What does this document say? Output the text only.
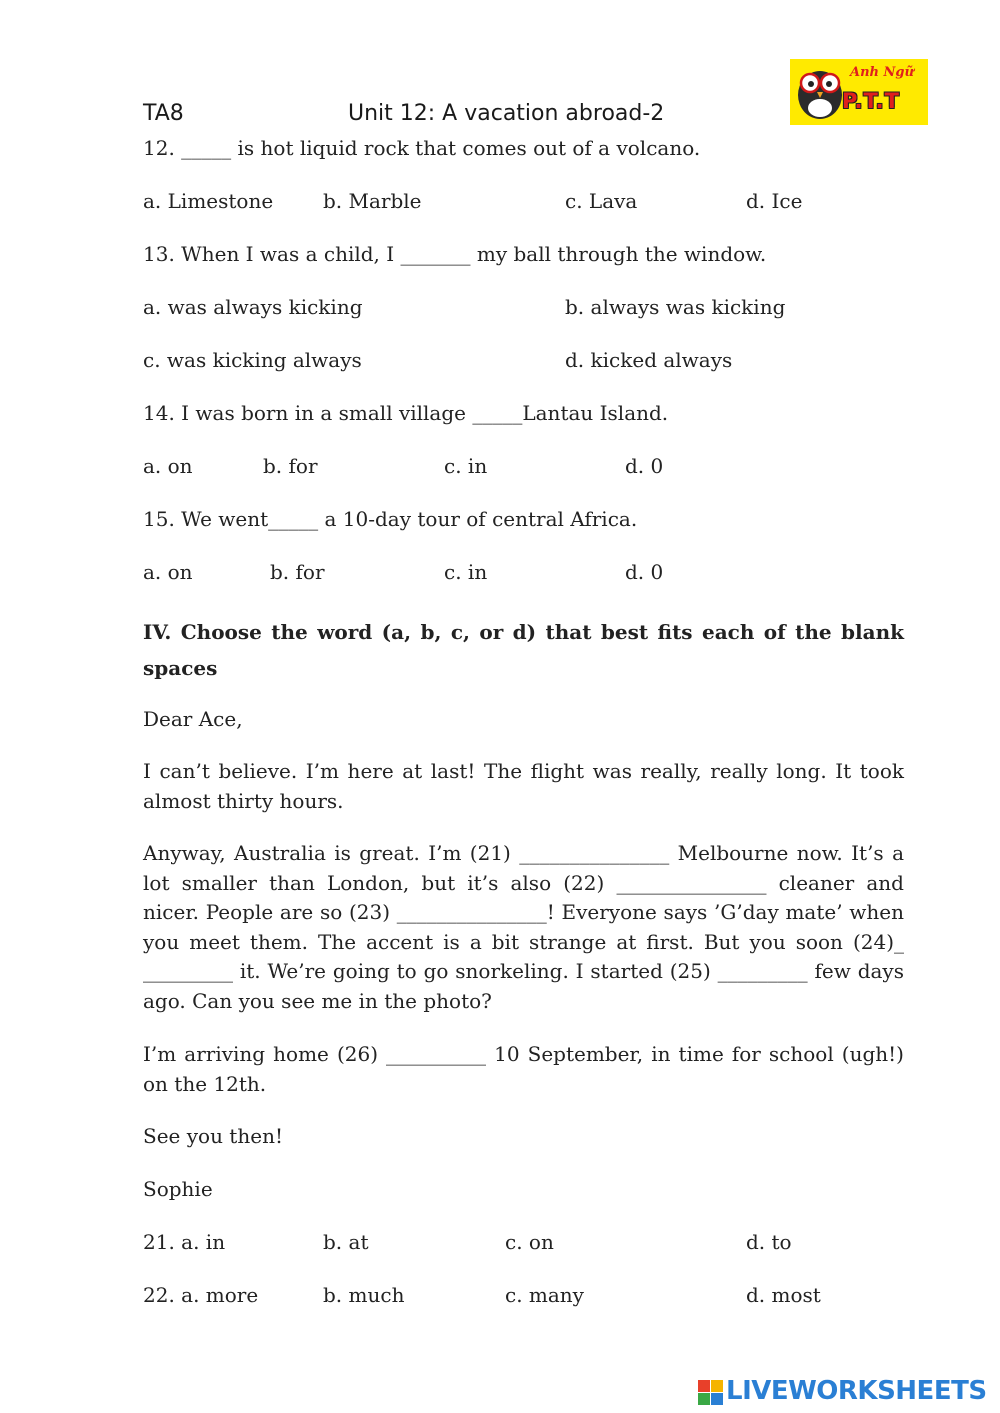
Anh Ngữ
P.T.T
TA8	Unit 12: A vacation abroad-2
12. _____ is hot liquid rock that comes out of a volcano.
a. Limestone b. Marble	c. Lava	d. Ice
13. When I was a child, I _______ my ball through the window.
a. was always kicking	b. always was kicking
c. was kicking always	d. kicked always
14. I was born in a small village _____Lantau Island.
a. on	b. for	c. in	d. 0
15. We went_____ a 10-day tour of central Africa.
a. on	b. for	c. in	d. 0
IV. Choose the word (a, b, c, or d) that best fits each of the blank spaces
Dear Ace,
I can’t believe. I’m here at last! The flight was really, really long. It took almost thirty hours.
Anyway, Australia is great. I’m (21) _______________ Melbourne now. It’s a lot smaller than London, but it’s also (22) _______________ cleaner and nicer. People are so (23) _______________! Everyone says ’G’day mate’ when you meet them. The accent is a bit strange at first. But you soon (24)_ _________ it. We’re going to go snorkeling. I started (25) _________ few days ago. Can you see me in the photo?
I’m arriving home (26) __________ 10 September, in time for school (ugh!) on the 12th.
See you then!
Sophie
21. a. in	b. at	c. on	d. to
22. a. more	b. much	c. many	d. most
LIVEWORKSHEETS
